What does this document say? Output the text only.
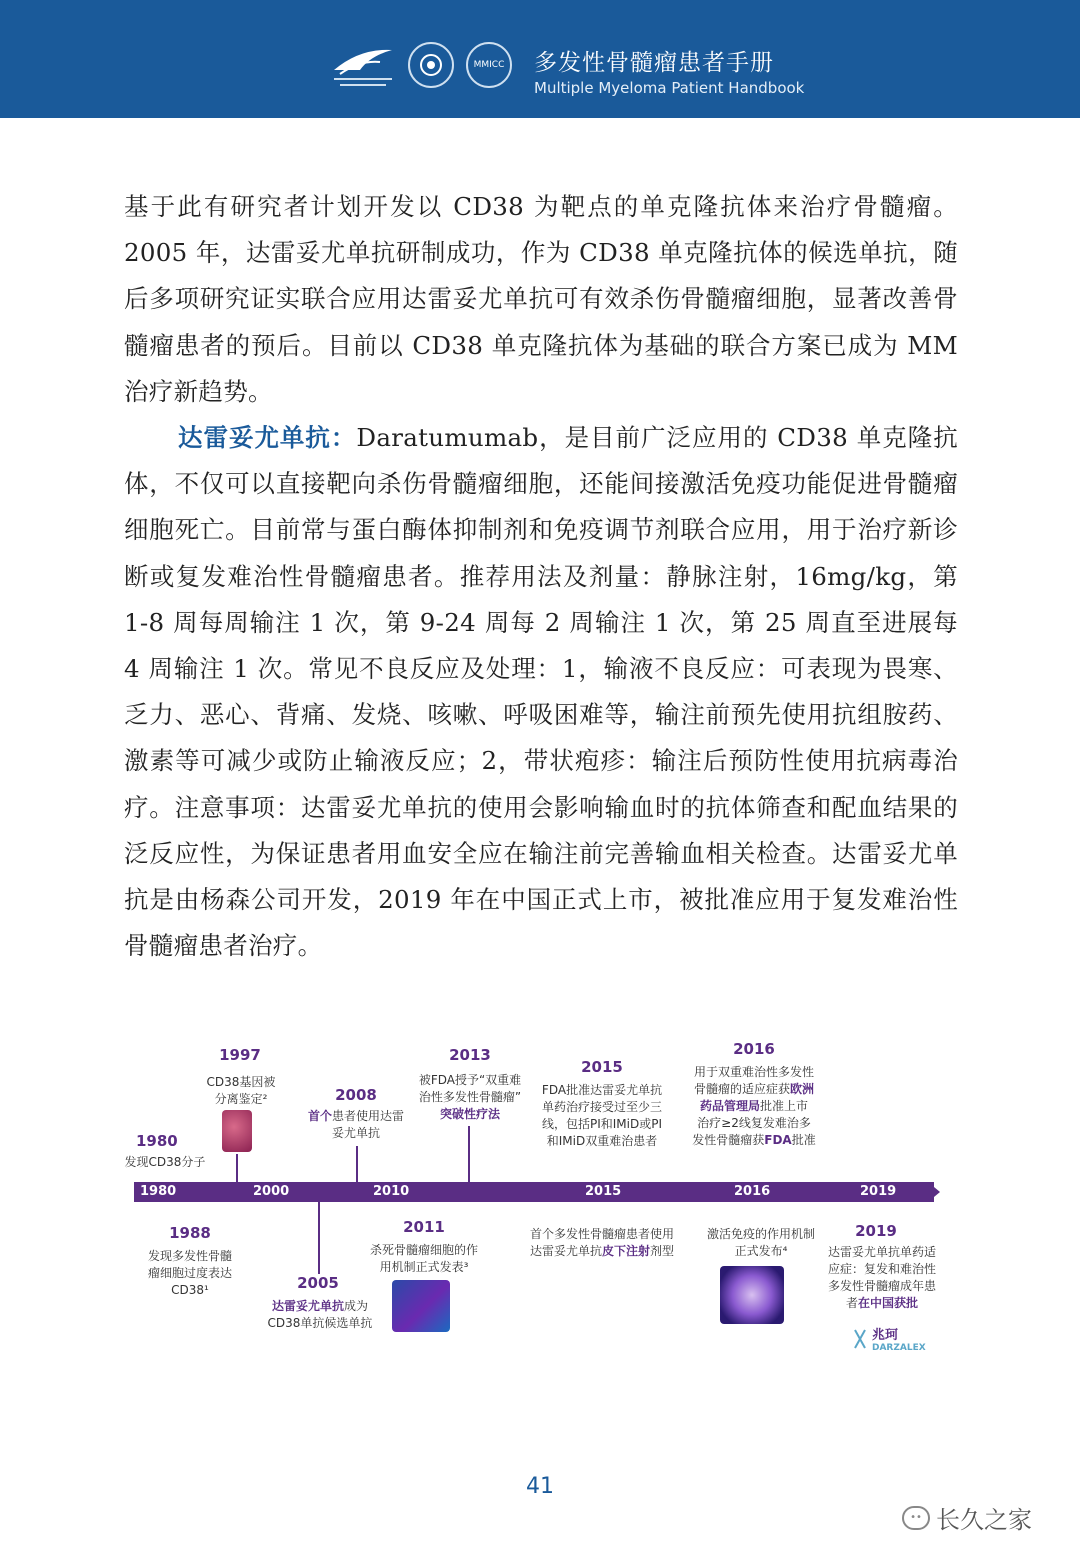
MMICC 多发性骨髓瘤患者手册
Multiple Myeloma Patient Handbook

基于此有研究者计划开发以 CD38 为靶点的单克隆抗体来治疗骨髓瘤。2005 年，达雷妥尤单抗研制成功，作为 CD38 单克隆抗体的候选单抗，随后多项研究证实联合应用达雷妥尤单抗可有效杀伤骨髓瘤细胞，显著改善骨髓瘤患者的预后。目前以 CD38 单克隆抗体为基础的联合方案已成为 MM 治疗新趋势。

达雷妥尤单抗：Daratumumab，是目前广泛应用的 CD38 单克隆抗体，不仅可以直接靶向杀伤骨髓瘤细胞，还能间接激活免疫功能促进骨髓瘤细胞死亡。目前常与蛋白酶体抑制剂和免疫调节剂联合应用，用于治疗新诊断或复发难治性骨髓瘤患者。推荐用法及剂量：静脉注射，16mg/kg，第 1-8 周每周输注 1 次，第 9-24 周每 2 周输注 1 次，第 25 周直至进展每 4 周输注 1 次。常见不良反应及处理：1，输液不良反应：可表现为畏寒、乏力、恶心、背痛、发烧、咳嗽、呼吸困难等，输注前预先使用抗组胺药、激素等可减少或防止输液反应；2，带状疱疹：输注后预防性使用抗病毒治疗。注意事项：达雷妥尤单抗的使用会影响输血时的抗体筛查和配血结果的泛反应性，为保证患者用血安全应在输注前完善输血相关检查。达雷妥尤单抗是由杨森公司开发，2019 年在中国正式上市，被批准应用于复发难治性骨髓瘤患者治疗。

1980	2000	2010	2015	2016	2019
1980
发现CD38分子
1997
CD38基因被
分离鉴定²	2008
首个患者使用达雷
妥尤单抗
2013
被FDA授予“双重难
治性多发性骨髓瘤”
突破性疗法
2015
FDA批准达雷妥尤单抗
单药治疗接受过至少三
线，包括PI和IMiD或PI
和IMiD双重难治患者
2016
用于双重难治性多发性
骨髓瘤的适应症获欧洲
药品管理局批准上市
治疗≥2线复发难治多
发性骨髓瘤获FDA批准
1988
发现多发性骨髓
瘤细胞过度表达
CD38¹	2005
达雷妥尤单抗成为
CD38单抗候选单抗
2011
杀死骨髓瘤细胞的作
用机制正式发表³
首个多发性骨髓瘤患者使用
达雷妥尤单抗皮下注射剂型
激活免疫的作用机制
正式发布⁴
2019
达雷妥尤单抗单药适
应症：复发和难治性
多发性骨髓瘤成年患
者在中国获批
兆珂
DARZALEX
41
•• 长久之家
